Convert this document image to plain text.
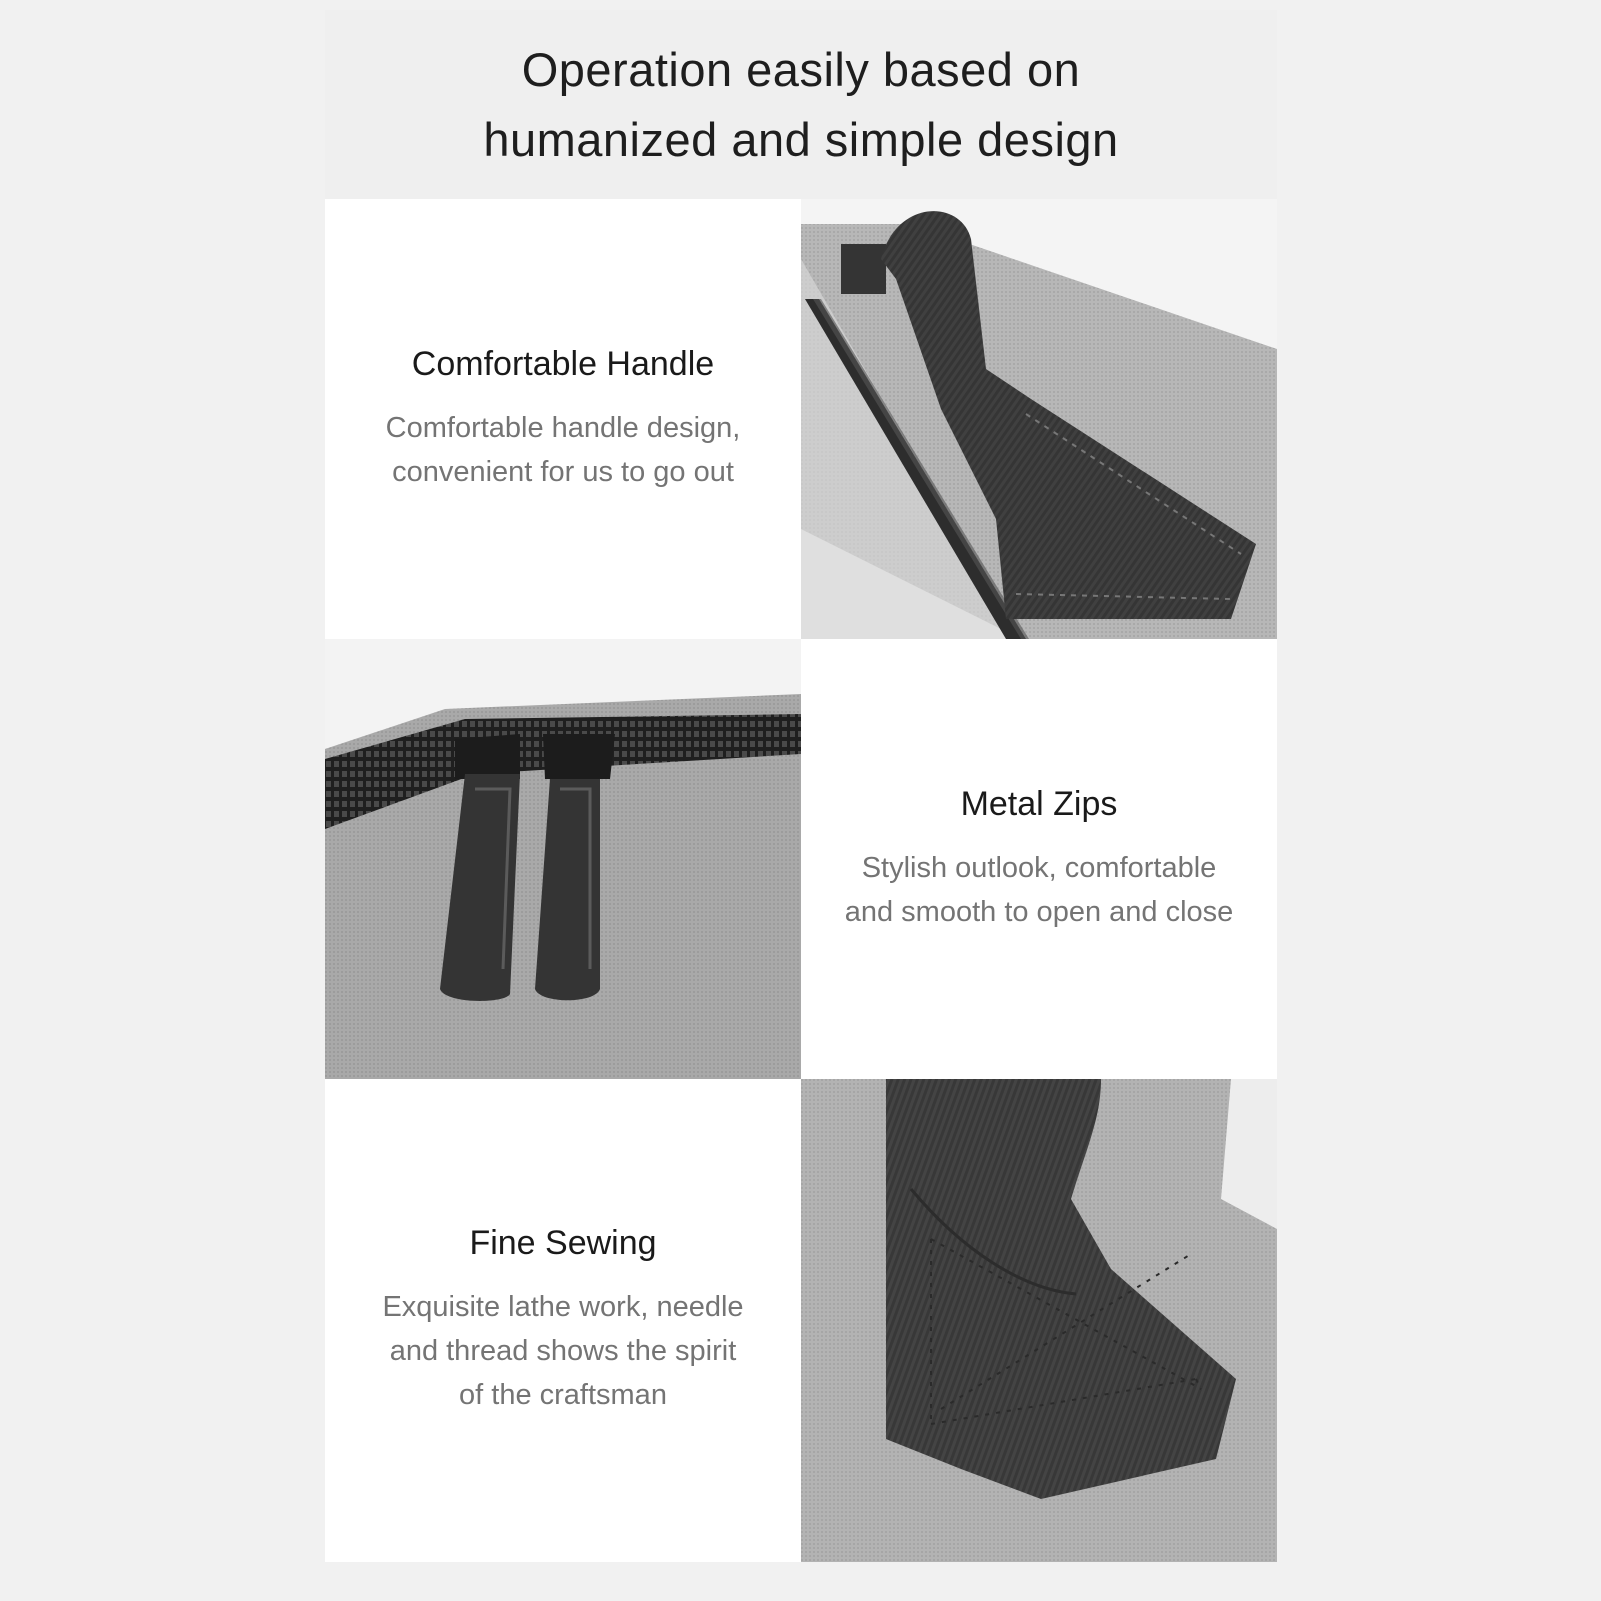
Operation easily based on
humanized and simple design
Comfortable Handle
Comfortable handle design,
convenient for us to go out
Metal Zips
Stylish outlook, comfortable
and smooth to open and close
Fine Sewing
Exquisite lathe work, needle
and thread shows the spirit
of the craftsman
